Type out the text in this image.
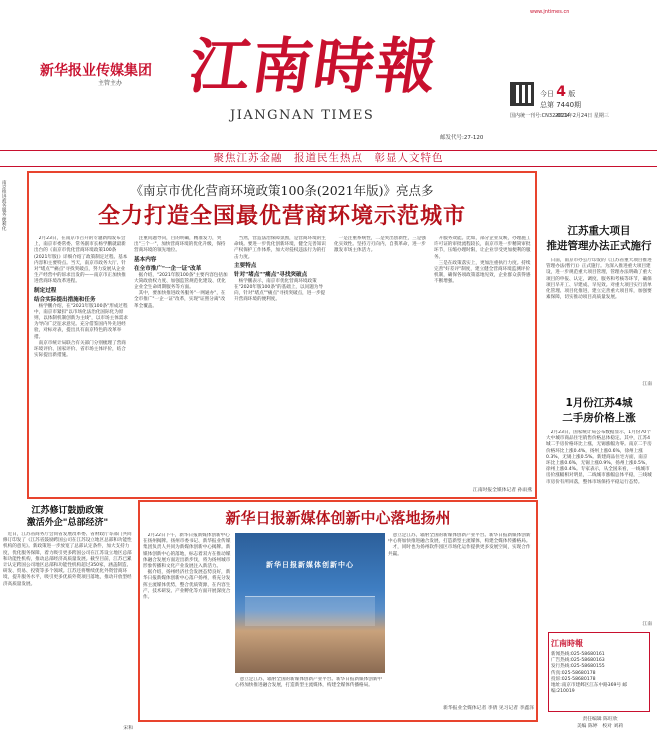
www.jntimes.cn
新华报业传媒集团
主管主办 江南時報
JIANGNAN TIMES
今日 4 版
总第 7440期
国内统一刊号:CN32-0114
2021年2月24日 星期三
邮发代号:27-120
聚焦江苏金融　报道民生热点　彰显人文特色
南京推进政务服务便利化	《南京市优化营商环境政策100条(2021年版)》亮点多
全力打造全国最优营商环境示范城市

2月23日，在南京市召开的专题新闻发布会上，南京市委常委、常务副市长杨学鹏就最新出台的《南京市优化营商环境政策100条(2021年版)》详细介绍了政策制定过程、基本内容和主要特点。当天，南京市政务大厅、针对"堵点""痛点"寻找突破点，努力发展从企业生产经营中的诉求出发的——南京市正加快推进营商环境改革进程。

制定过程

结合实际提出措施和任务

杨学鹏介绍，在"2021年版100条"形成过程中，南京市紧扣"以市场化法治化国际化为原则，以体制机制创新为主线"，以市场主体需求为导向广泛征求意见。充分借鉴国内外先进经验，对标对表，提出具有南京特色的改革举措。

南京市统计局联合有关部门分别梳理了营商环境评价、国家评价、省市场主体评价，结合实际提出新措施。

注重问题导向，目的明确，精准发力，突出"三个一"，加快营商环境的优化升级，保持营商环境的领先地位。

基本内容

在全市推广"一企一证"改革

据介绍，"2021年版100条"主要内容包括加大简政放权力度、加强监管规范化建设、优化企业全生命周期服务等方面。

其中，要加快推进政务服务"一网通办"，在全市推广"一企一证"改革，实现"证照分离"改革全覆盖。

当然，营造法治保障氛围，是营商环境的生命线。要进一步优化创新环境，健全完善知识产权保护工作体系，加大对侵权违法行为的打击力度。

主要特点

针对"堵点""痛点"寻找突破点

杨学鹏表示，南京市优化营商环境政策在"2020年版100条"的基础上，以问题为导向，针对"堵点""痛点"寻找突破点，进一步提升营商环境的便利度。

一是注重系统性，二是突出创新性，三是强化实效性。坚持刀刃向内，自我革命，进一步激发市场主体活力。

升服务效能。比如，部分企业反映，办理施工许可证的审批流程较长，南京市进一步精简审批环节，压缩办理时限，让企业享受更加便利的服务。

三是在政策落实上，更加注重执行力度。持续完善"好差评"制度，建立健全营商环境监测评价机制，确保各项政策落地见效，企业群众获得感不断增强。

江南时报全媒体记者 孙雨燕
江苏重大项目
推进管理办法正式施行

日前，南京市办公厅印发的《江苏省重大项目推进管理办法(暂行)》正式施行。为深入推进重大项目建设，进一步规范重大项目管理，管理办法明确了重大项目的申报、认定、调度、服务和考核等环节，确保项目早开工、早建成、早见效。对重大项目实行清单化管理、项目化推进，建立完善重大项目库，加强要素保障，切实推动项目高质量发展。

江南
1月份江苏4城
二手房价格上涨

2月23日，国家统计局公布数据显示，1月份70个大中城市商品住宅销售价格总体稳定。其中，江苏4城二手房价格环比上涨，无锡涨幅为零。南京二手房价格环比上涨0.4%，扬州上涨0.6%，徐州上涨0.3%，无锡上涨0.5%。新建商品住宅方面，南京环比上涨0.6%，无锡上涨0.9%，扬州上涨0.5%，徐州上涨0.4%。专家表示，从全国来看，一线城市房价涨幅相对明显，二线城市涨幅总体平稳，三线城市房价有所回落，整体市场保持平稳运行态势。

江南
江南時報
新闻热线:025-58680161
广告热线:025-58680163
发行热线:025-58680155
传真:025-58680178
投诉:025-58680178
地址:南京市建邺区江东中路369号 邮编:210019
责任编辑 陈旺欣
美编 陈婷　校对 刘莉
江苏修订鼓励政策
激活外企"总部经济"

近日，江苏省商务厅会同省发展改革委、省财政厅等部门共同修订印发了《江苏省鼓励跨国公司在江苏设立地区总部和功能性机构的意见》。新政策进一步放宽了总部认定条件，加大支持力度，优化服务保障，着力吸引更多跨国公司在江苏设立地区总部和功能性机构，推动总部经济高质量发展。截至目前，江苏已累计认定跨国公司地区总部和功能性机构超过350家，涵盖制造、研发、贸易、投资等多个领域。江苏还将继续优化外资营商环境，提升服务水平，吸引更多优质外资项目落地，推动开放型经济高质量发展。

宋和
新华日报新媒体创新中心落地扬州

2月22日下午，新华日报新媒体创新中心在扬州揭牌。扬州市委书记、新华报业传媒集团负责人共同为新媒体创新中心揭牌。新媒体创新中心的落地，标志着双方在推动媒体融合发展方面迈出新步伐，将为扬州城市形象传播和文化产业发展注入新活力。

据介绍，扬州经济社会发展态势良好，新华日报新媒体创新中心落户扬州，将充分发挥主流媒体优势，整合优质资源，在内容生产、技术研发、产业孵化等方面开展深度合作。

新华日报新媒体创新中心

意立足江苏，辐射全国的新媒体创新产业平台。新华日报新媒体创新中心将加快推进融合发展，打造新型主流媒体，构建全媒体传播格局。

才，同时也为扬州软件园区市场化运作提供更多发展空间，实现合作共赢。

意立足江苏，辐射全国的新媒体创新产业平台。新华日报新媒体创新中心将加快推进融合发展，打造新型主流媒体，构建全媒体传播格局。

新华报业全媒体记者 李倩 见习记者 李鑫泽
